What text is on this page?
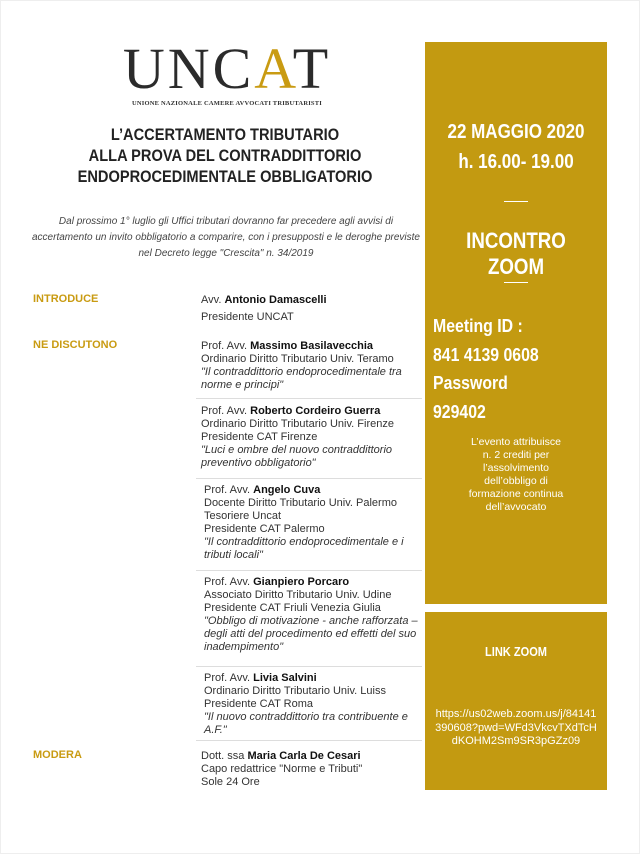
UNCAT
UNIONE NAZIONALE CAMERE AVVOCATI TRIBUTARISTI
L’ACCERTAMENTO TRIBUTARIO
ALLA PROVA DEL CONTRADDITTORIO
ENDOPROCEDIMENTALE OBBLIGATORIO
Dal prossimo 1° luglio gli Uffici tributari dovranno far precedere agli avvisi di accertamento un invito obbligatorio a comparire, con i presupposti e le deroghe previste nel Decreto legge "Crescita" n. 34/2019
INTRODUCE	Avv. Antonio Damascelli
Presidente UNCAT
NE DISCUTONO	Prof. Avv. Massimo Basilavecchia
Ordinario Diritto Tributario Univ. Teramo
"Il contraddittorio endoprocedimentale tra norme e principi"
Prof. Avv. Roberto Cordeiro Guerra
Ordinario Diritto Tributario Univ. Firenze
Presidente CAT Firenze
"Luci e ombre del nuovo contraddittorio preventivo obbligatorio"
Prof. Avv. Angelo Cuva
Docente Diritto Tributario Univ. Palermo
Tesoriere Uncat
Presidente CAT Palermo
"Il contraddittorio endoprocedimentale e i tributi locali"
Prof. Avv. Gianpiero Porcaro
Associato Diritto Tributario Univ. Udine
Presidente CAT Friuli Venezia Giulia
"Obbligo di motivazione - anche rafforzata – degli atti del procedimento ed effetti del suo inadempimento"
Prof. Avv. Livia Salvini
Ordinario Diritto Tributario Univ. Luiss
Presidente CAT Roma
"Il nuovo contraddittorio tra contribuente e A.F."
MODERA	Dott. ssa Maria Carla De Cesari
Capo redattrice "Norme e Tributi"
Sole 24 Ore
22 MAGGIO 2020
h. 16.00- 19.00
INCONTRO ZOOM
Meeting ID :
841 4139 0608
Password
929402
L’evento attribuisce
n. 2 crediti per
l’assolvimento
dell’obbligo di
formazione continua
dell’avvocato
LINK ZOOM
https://us02web.zoom.us/j/84141390608?pwd=WFd3VkcvTXdTcHdKOHM2Sm9SR3pGZz09
